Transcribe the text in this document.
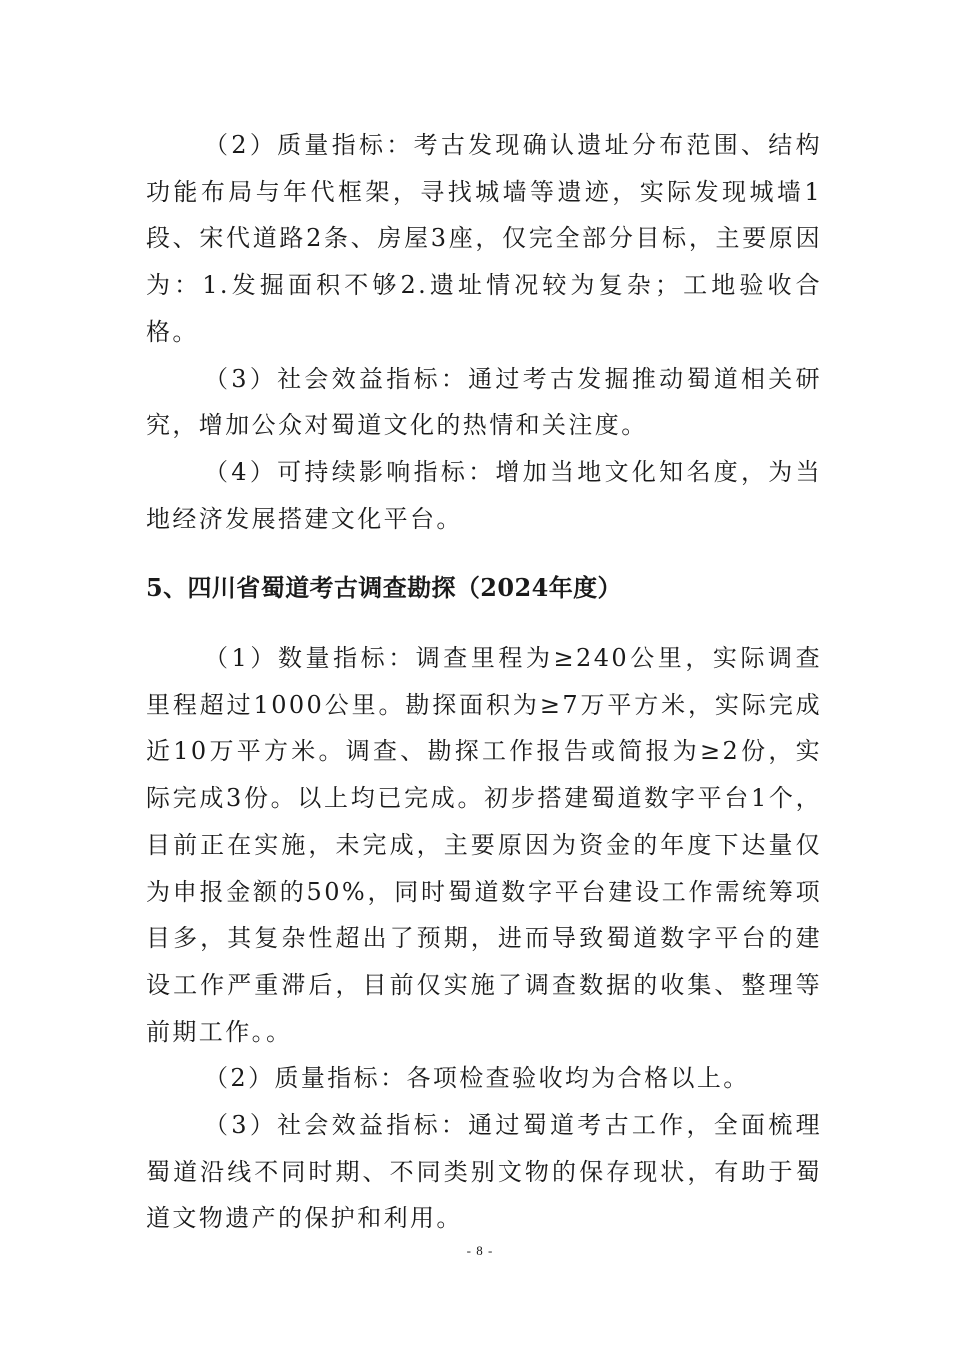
（2）质量指标：考古发现确认遗址分布范围、结构功能布局与年代框架，寻找城墙等遗迹，实际发现城墙1段、宋代道路2条、房屋3座，仅完全部分目标，主要原因为：1.发掘面积不够2.遗址情况较为复杂；工地验收合格。

（3）社会效益指标：通过考古发掘推动蜀道相关研究，增加公众对蜀道文化的热情和关注度。

（4）可持续影响指标：增加当地文化知名度，为当地经济发展搭建文化平台。

5、四川省蜀道考古调查勘探（2024年度）

（1）数量指标：调查里程为≥240公里，实际调查里程超过1000公里。勘探面积为≥7万平方米，实际完成近10万平方米。调查、勘探工作报告或简报为≥2份，实际完成3份。以上均已完成。初步搭建蜀道数字平台1个，目前正在实施，未完成，主要原因为资金的年度下达量仅为申报金额的50%，同时蜀道数字平台建设工作需统筹项目多，其复杂性超出了预期，进而导致蜀道数字平台的建设工作严重滞后，目前仅实施了调查数据的收集、整理等前期工作。。

（2）质量指标：各项检查验收均为合格以上。

（3）社会效益指标：通过蜀道考古工作，全面梳理蜀道沿线不同时期、不同类别文物的保存现状，有助于蜀道文物遗产的保护和利用。

- 8 -
